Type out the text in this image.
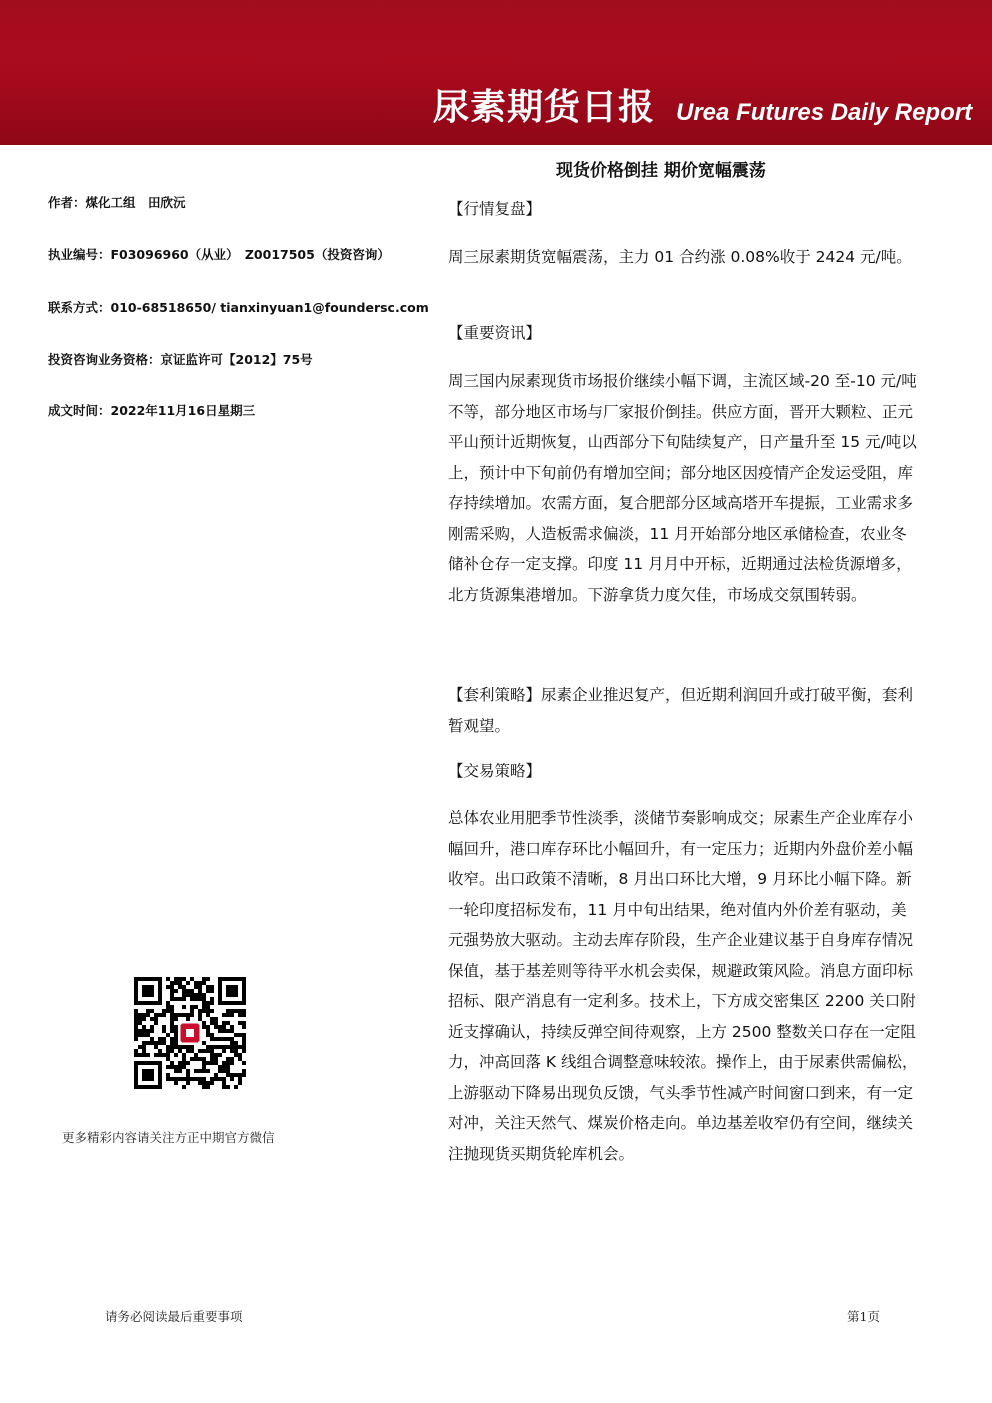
尿素期货日报 Urea Futures Daily Report
现货价格倒挂 期价宽幅震荡
作者：煤化工组　田欣沅
执业编号：F03096960（从业）　Z0017505（投资咨询）
联系方式：010-68518650/ tianxinyuan1@foundersc.com
投资咨询业务资格：京证监许可【2012】75号
成文时间：2022年11月16日星期三
【行情复盘】
周三尿素期货宽幅震荡，主力 01 合约涨 0.08%收于 2424 元/吨。
【重要资讯】
周三国内尿素现货市场报价继续小幅下调，主流区域-20 至-10 元/吨不等，部分地区市场与厂家报价倒挂。供应方面，晋开大颗粒、正元平山预计近期恢复，山西部分下旬陆续复产，日产量升至 15 元/吨以上，预计中下旬前仍有增加空间；部分地区因疫情产企发运受阻，库存持续增加。农需方面，复合肥部分区域高塔开车提振，工业需求多刚需采购，人造板需求偏淡，11 月开始部分地区承储检查，农业冬储补仓存一定支撑。印度 11 月月中开标，近期通过法检货源增多，北方货源集港增加。下游拿货力度欠佳，市场成交氛围转弱。
【套利策略】尿素企业推迟复产，但近期利润回升或打破平衡，套利暂观望。
【交易策略】
总体农业用肥季节性淡季，淡储节奏影响成交；尿素生产企业库存小幅回升，港口库存环比小幅回升，有一定压力；近期内外盘价差小幅收窄。出口政策不清晰，8 月出口环比大增，9 月环比小幅下降。新一轮印度招标发布，11 月中旬出结果，绝对值内外价差有驱动，美元强势放大驱动。主动去库存阶段，生产企业建议基于自身库存情况保值，基于基差则等待平水机会卖保，规避政策风险。消息方面印标招标、限产消息有一定利多。技术上，下方成交密集区 2200 关口附近支撑确认，持续反弹空间待观察，上方 2500 整数关口存在一定阻力，冲高回落 K 线组合调整意味较浓。操作上，由于尿素供需偏松，上游驱动下降易出现负反馈，气头季节性减产时间窗口到来，有一定对冲，关注天然气、煤炭价格走向。单边基差收窄仍有空间，继续关注抛现货买期货轮库机会。
更多精彩内容请关注方正中期官方微信
请务必阅读最后重要事项	第1页
